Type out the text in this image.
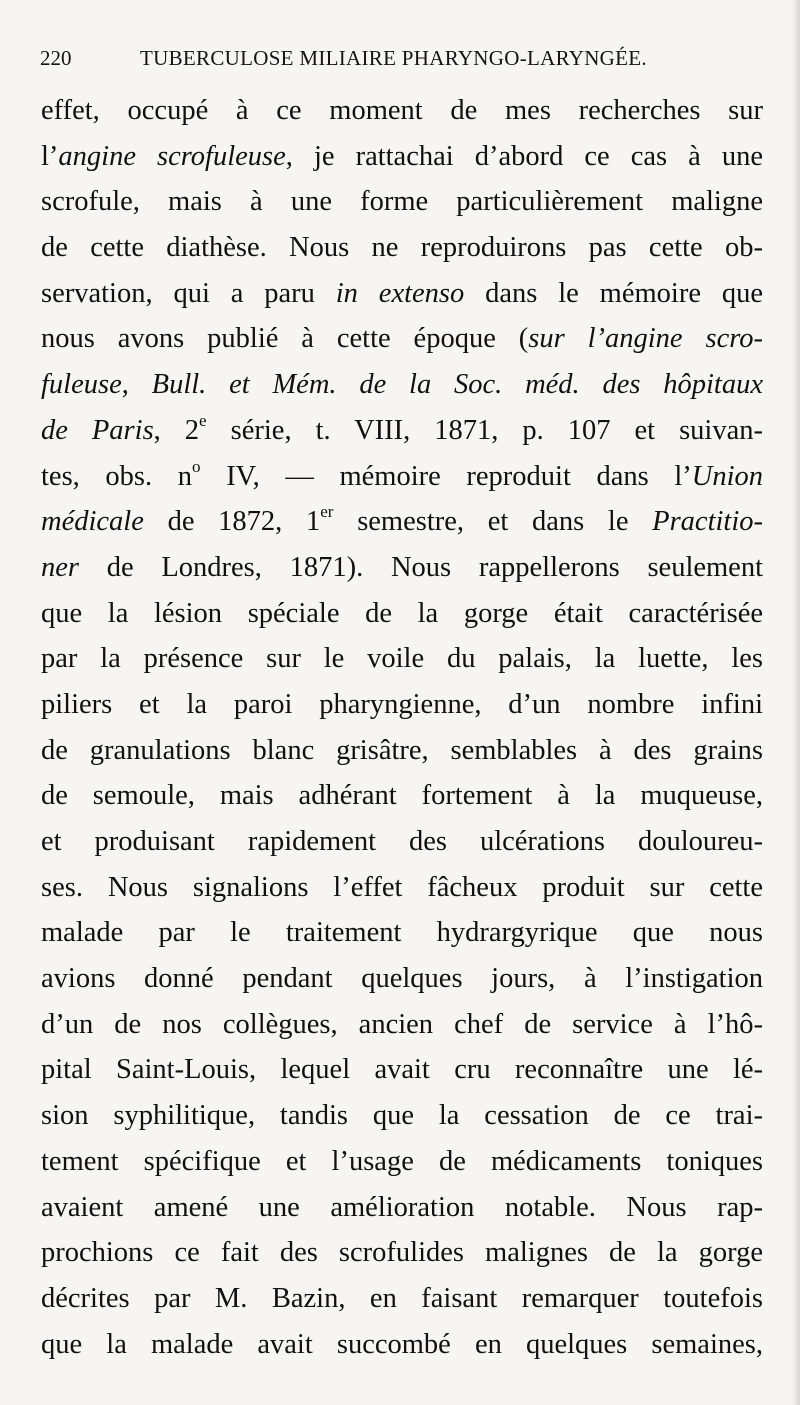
220	TUBERCULOSE MILIAIRE PHARYNGO-LARYNGÉE.
effet, occupé à ce moment de mes recherches sur
l’angine scrofuleuse, je rattachai d’abord ce cas à une
scrofule, mais à une forme particulièrement maligne
de cette diathèse. Nous ne reproduirons pas cette ob-
servation, qui a paru in extenso dans le mémoire que
nous avons publié à cette époque (sur l’angine scro-
fuleuse, Bull. et Mém. de la Soc. méd. des hôpitaux
de Paris, 2e série, t. VIII, 1871, p. 107 et suivan-
tes, obs. $n^o$ IV, — mémoire reproduit dans l’Union
médicale de 1872, 1er semestre, et dans le Practitio-
ner de Londres, 1871). Nous rappellerons seulement
que la lésion spéciale de la gorge était caractérisée
par la présence sur le voile du palais, la luette, les
piliers et la paroi pharyngienne, d’un nombre infini
de granulations blanc grisâtre, semblables à des grains
de semoule, mais adhérant fortement à la muqueuse,
et produisant rapidement des ulcérations douloureu-
ses. Nous signalions l’effet fâcheux produit sur cette
malade par le traitement hydrargyrique que nous
avions donné pendant quelques jours, à l’instigation
d’un de nos collègues, ancien chef de service à l’hô-
pital Saint-Louis, lequel avait cru reconnaître une lé-
sion syphilitique, tandis que la cessation de ce trai-
tement spécifique et l’usage de médicaments toniques
avaient amené une amélioration notable. Nous rap-
prochions ce fait des scrofulides malignes de la gorge
décrites par M. Bazin, en faisant remarquer toutefois
que la malade avait succombé en quelques semaines,
